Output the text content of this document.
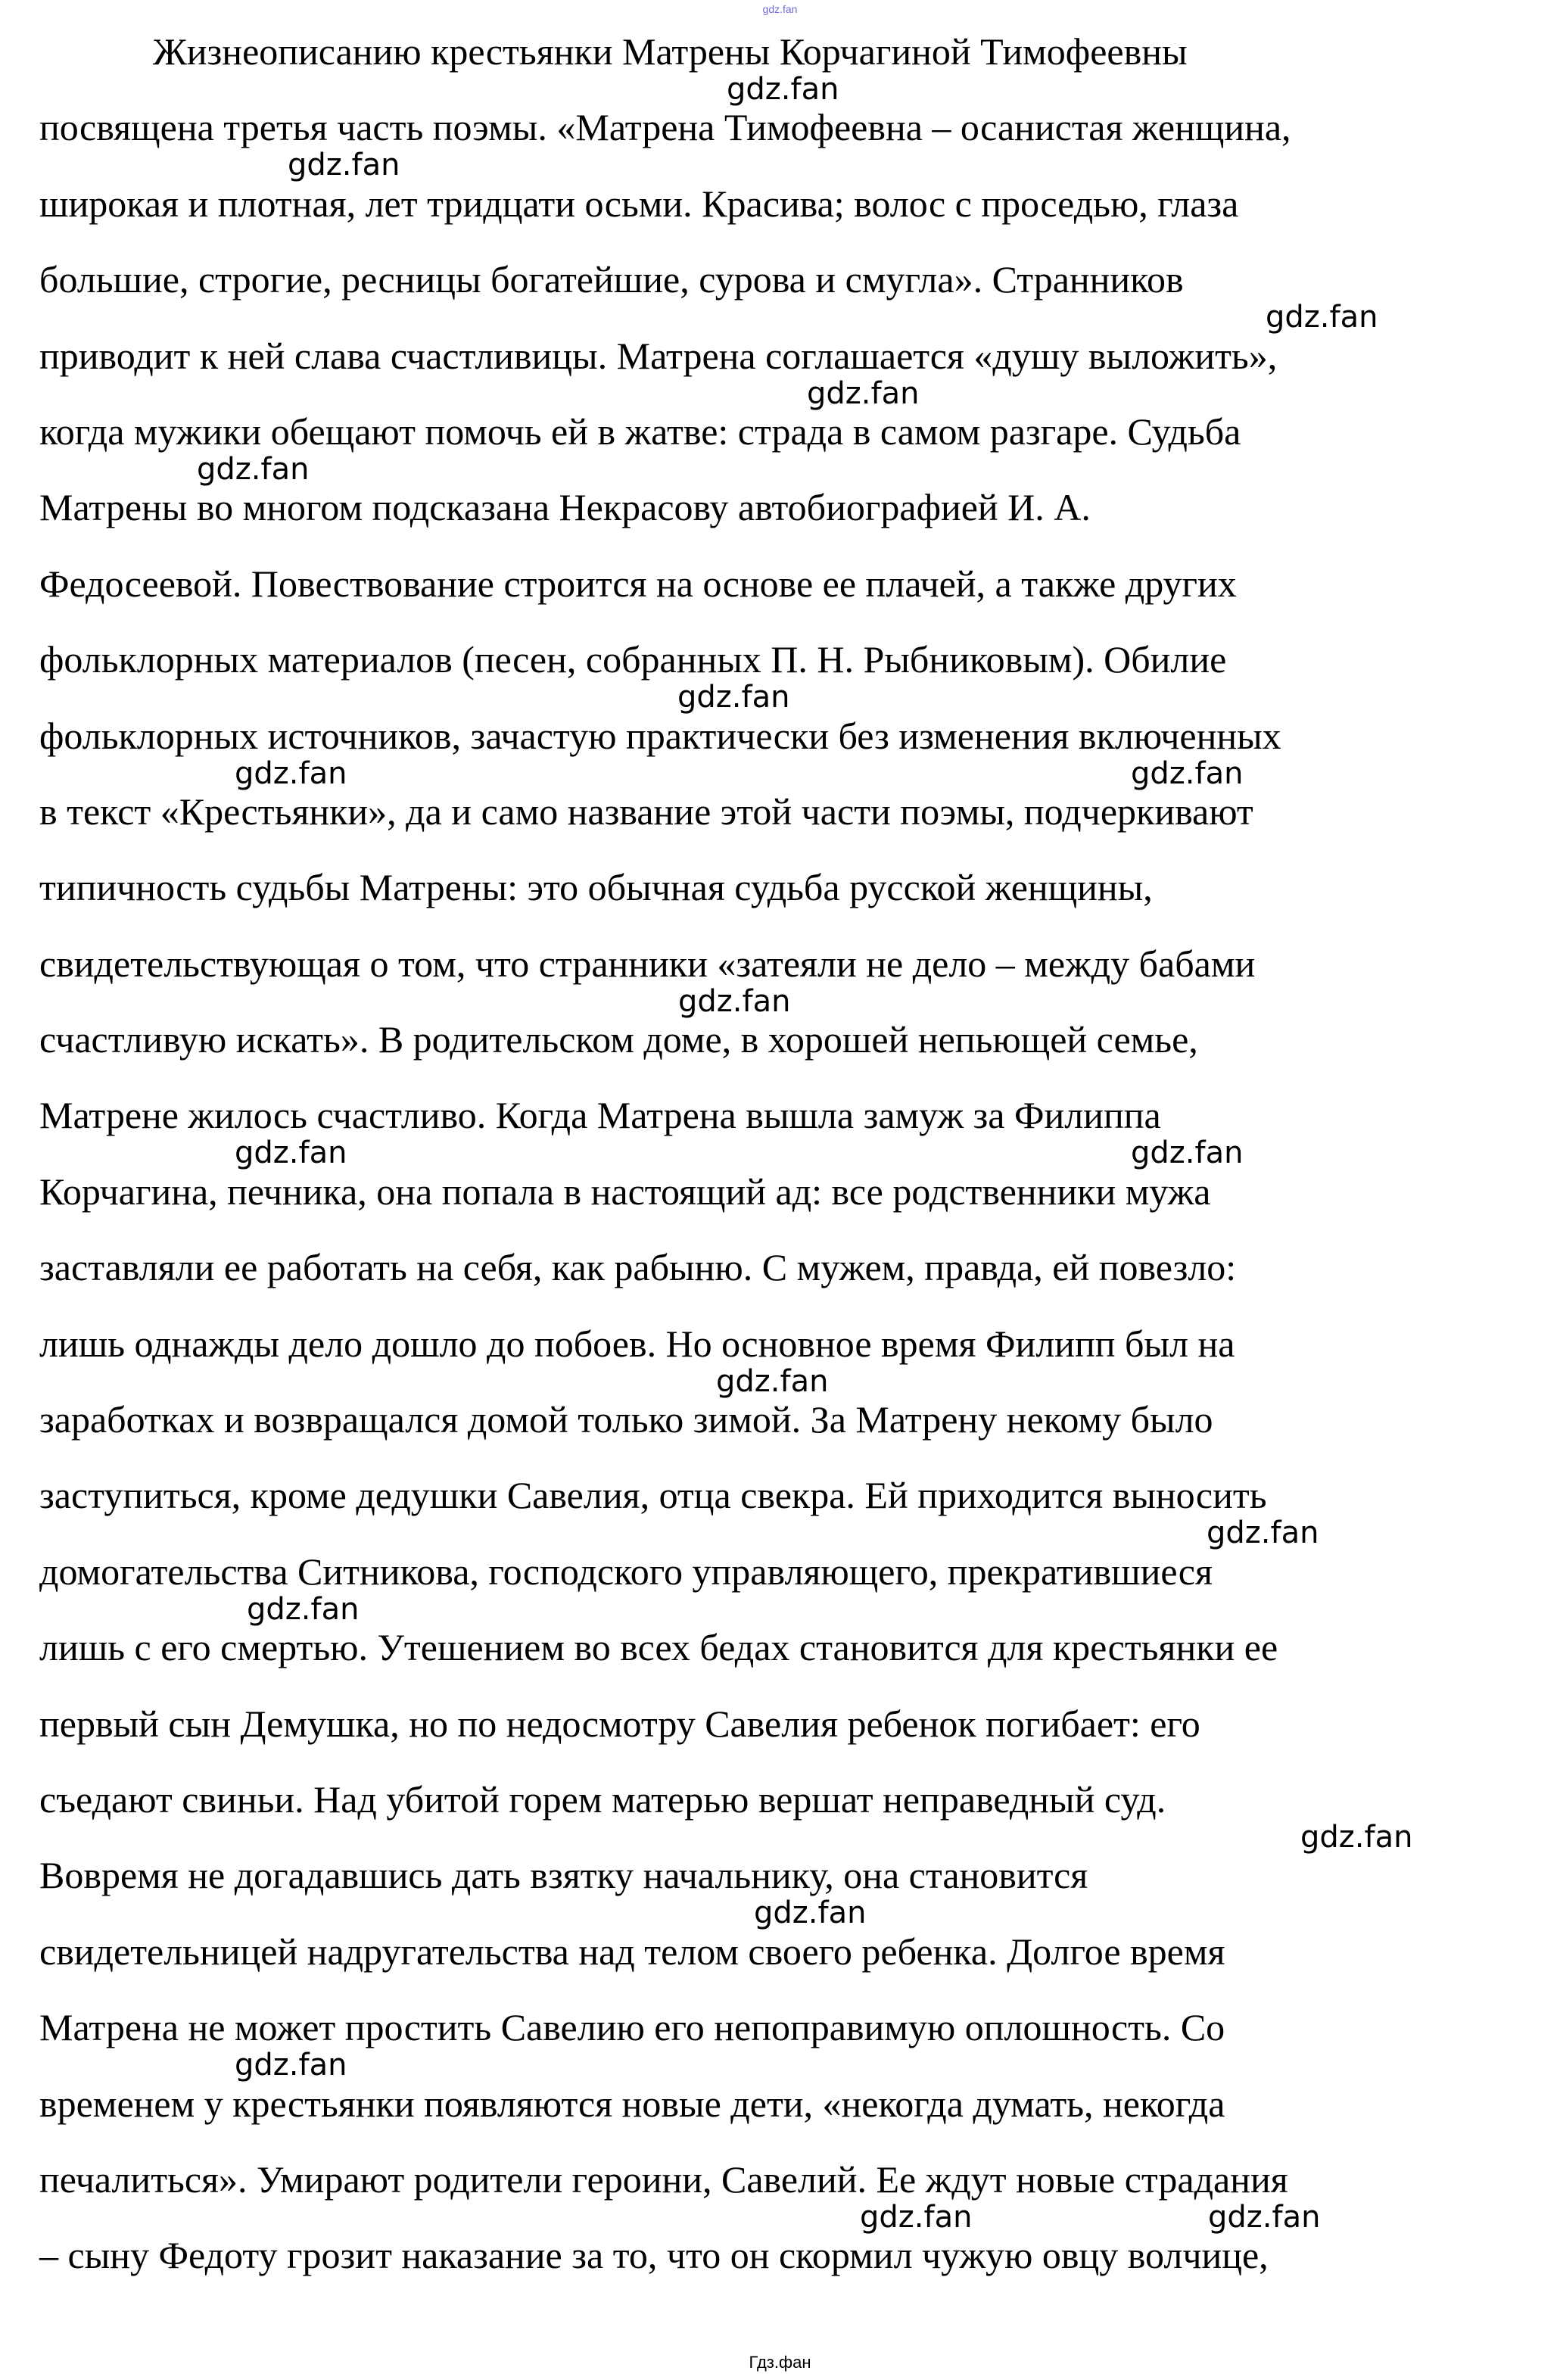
gdz.fan
Жизнеописанию крестьянки Матрены Корчагиной Тимофеевны
gdz.fan
посвящена третья часть поэмы. «Матрена Тимофеевна – осанистая женщина,
gdz.fan
широкая и плотная, лет тридцати осьми. Красива; волос с проседью, глаза
большие, строгие, ресницы богатейшие, сурова и смугла». Странников
gdz.fan
приводит к ней слава счастливицы. Матрена соглашается «душу выложить»,
gdz.fan
когда мужики обещают помочь ей в жатве: страда в самом разгаре. Судьба
gdz.fan
Матрены во многом подсказана Некрасову автобиографией И. А.
Федосеевой. Повествование строится на основе ее плачей, а также других
фольклорных материалов (песен, собранных П. Н. Рыбниковым). Обилие
gdz.fan
фольклорных источников, зачастую практически без изменения включенных
gdz.fan	gdz.fan
в текст «Крестьянки», да и само название этой части поэмы, подчеркивают
типичность судьбы Матрены: это обычная судьба русской женщины,
свидетельствующая о том, что странники «затеяли не дело – между бабами
gdz.fan
счастливую искать». В родительском доме, в хорошей непьющей семье,
Матрене жилось счастливо. Когда Матрена вышла замуж за Филиппа
gdz.fan	gdz.fan
Корчагина, печника, она попала в настоящий ад: все родственники мужа
заставляли ее работать на себя, как рабыню. С мужем, правда, ей повезло:
лишь однажды дело дошло до побоев. Но основное время Филипп был на
gdz.fan
заработках и возвращался домой только зимой. За Матрену некому было
заступиться, кроме дедушки Савелия, отца свекра. Ей приходится выносить
gdz.fan
домогательства Ситникова, господского управляющего, прекратившиеся
gdz.fan
лишь с его смертью. Утешением во всех бедах становится для крестьянки ее
первый сын Демушка, но по недосмотру Савелия ребенок погибает: его
съедают свиньи. Над убитой горем матерью вершат неправедный суд.
gdz.fan
Вовремя не догадавшись дать взятку начальнику, она становится
gdz.fan
свидетельницей надругательства над телом своего ребенка. Долгое время
Матрена не может простить Савелию его непоправимую оплошность. Со
gdz.fan
временем у крестьянки появляются новые дети, «некогда думать, некогда
печалиться». Умирают родители героини, Савелий. Ее ждут новые страдания
gdz.fan	gdz.fan
– сыну Федоту грозит наказание за то, что он скормил чужую овцу волчице,
Гдз.фан
